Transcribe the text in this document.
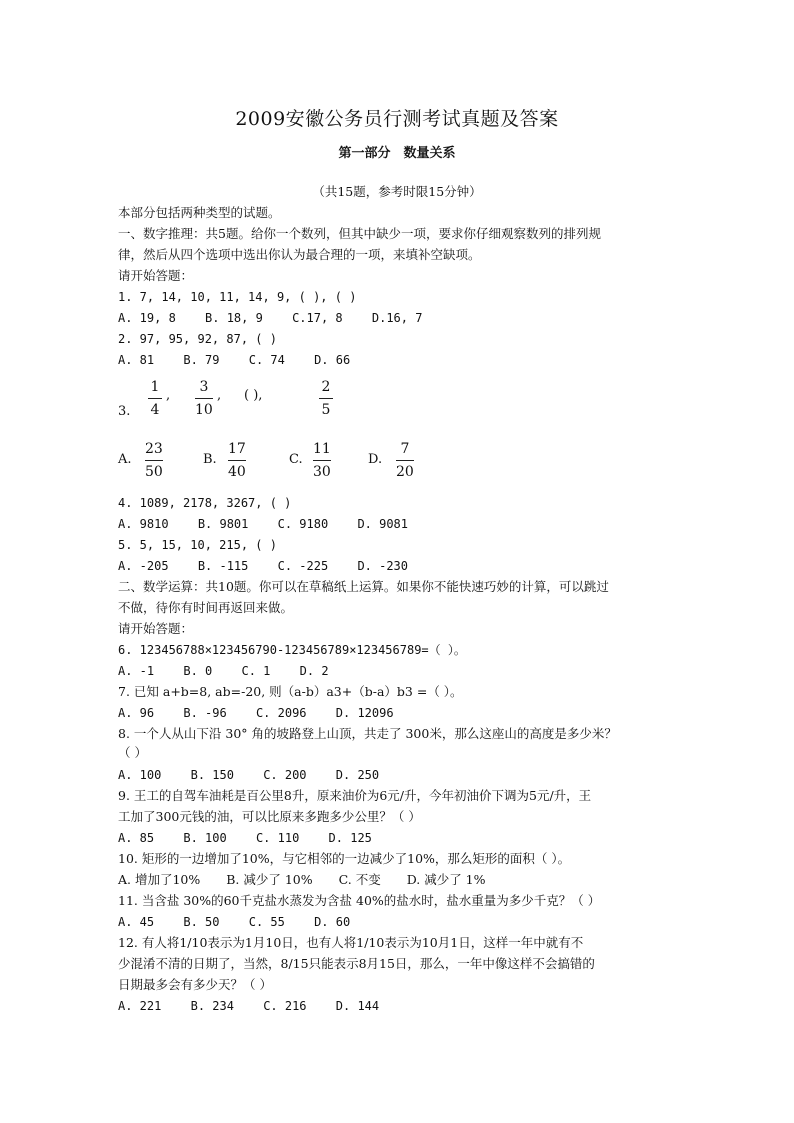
2009安徽公务员行测考试真题及答案
第一部分　数量关系
（共15题，参考时限15分钟）
本部分包括两种类型的试题。
一、数字推理：共5题。给你一个数列，但其中缺少一项，要求你仔细观察数列的排列规
律，然后从四个选项中选出你认为最合理的一项，来填补空缺项。
请开始答题：
1. 7, 14, 10, 11, 14, 9, ( ), ( )
A. 19, 8 B. 18, 9 C.17, 8 D.16, 7
2. 97, 95, 92, 87, ( )
A. 81 B. 79 C. 74 D. 66
1
4
,
3
10
, ( ),
2
5
3.
A.
23
50
B.
17
40
C.
11
30
D.
7
20
4. 1089, 2178, 3267, ( )
A. 9810 B. 9801 C. 9180 D. 9081
5. 5, 15, 10, 215, ( )
A. -205 B. -115 C. -225 D. -230
二、数学运算：共10题。你可以在草稿纸上运算。如果你不能快速巧妙的计算，可以跳过
不做，待你有时间再返回来做。
请开始答题：
6. 123456788×123456790-123456789×123456789=（ ）。
A. -1 B. 0 C. 1 D. 2
7. 已知 a+b=8, ab=-20, 则（a-b）a3+（b-a）b3 =（ ）。
A. 96 B. -96 C. 2096 D. 12096
8. 一个人从山下沿 30° 角的坡路登上山顶，共走了 300米，那么这座山的高度是多少米？
（ ）
A. 100 B. 150 C. 200 D. 250
9. 王工的自驾车油耗是百公里8升，原来油价为6元/升，今年初油价下调为5元/升，王
工加了300元钱的油，可以比原来多跑多少公里？（ ）
A. 85 B. 100 C. 110 D. 125
10. 矩形的一边增加了10%，与它相邻的一边减少了10%，那么矩形的面积（ ）。
A. 增加了10% B. 减少了 10% C. 不变 D. 减少了 1%
11. 当含盐 30%的60千克盐水蒸发为含盐 40%的盐水时，盐水重量为多少千克？（ ）
A. 45 B. 50 C. 55 D. 60
12. 有人将1/10表示为1月10日，也有人将1/10表示为10月1日，这样一年中就有不
少混淆不清的日期了，当然，8/15只能表示8月15日，那么，一年中像这样不会搞错的
日期最多会有多少天？（ ）
A. 221 B. 234 C. 216 D. 144
